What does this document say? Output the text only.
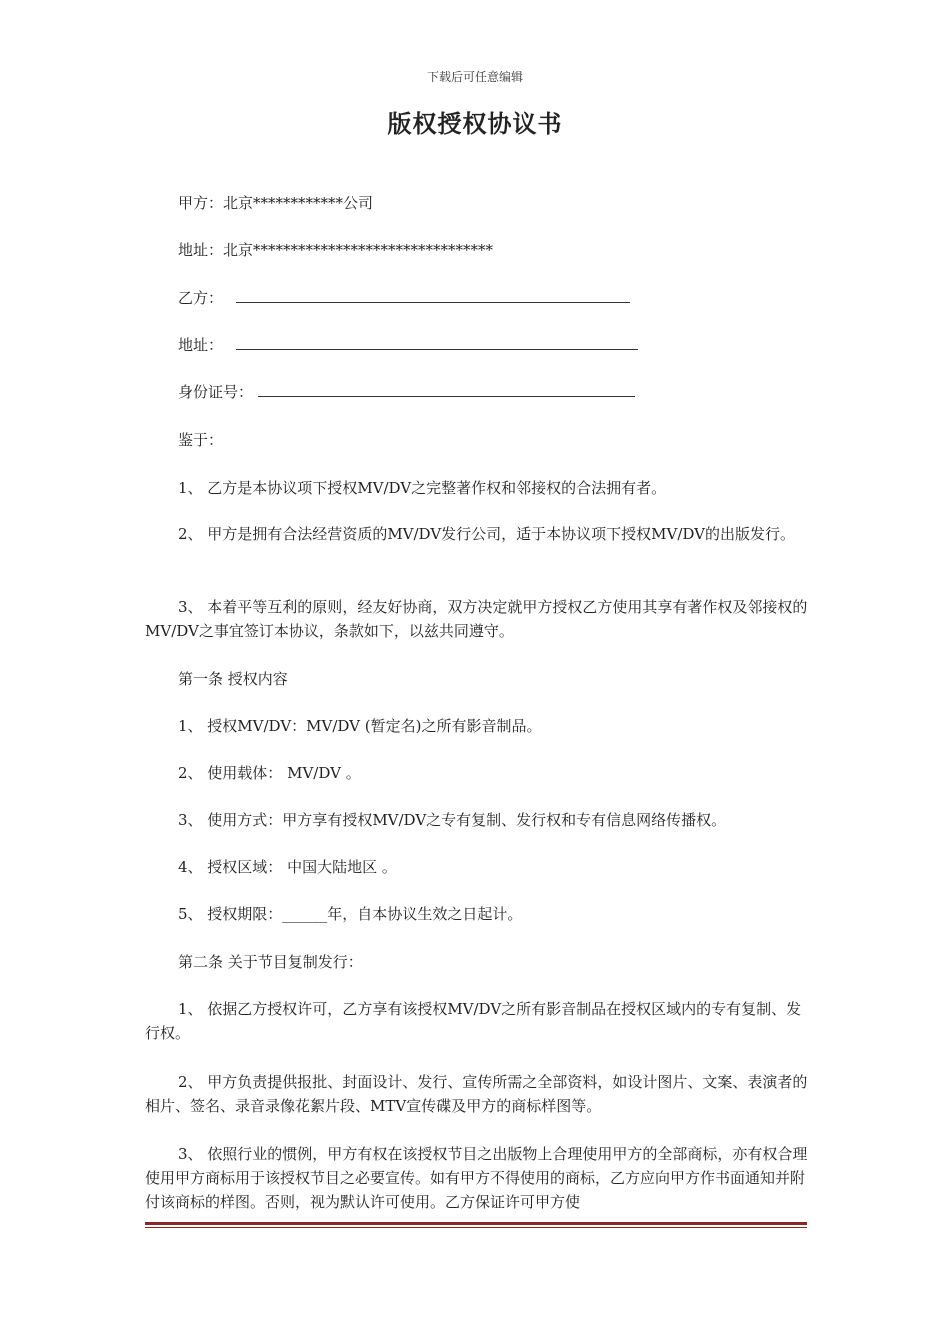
下载后可任意编辑
版权授权协议书
甲方：北京************公司
地址：北京********************************
乙方：
地址：
身份证号：
鉴于：
1、 乙方是本协议项下授权MV/DV之完整著作权和邻接权的合法拥有者。
2、 甲方是拥有合法经营资质的MV/DV发行公司，适于本协议项下授权MV/DV的出版发行。
3、 本着平等互利的原则，经友好协商，双方决定就甲方授权乙方使用其享有著作权及邻接权的MV/DV之事宜签订本协议，条款如下，以兹共同遵守。
第一条 授权内容
1、 授权MV/DV：MV/DV (暂定名)之所有影音制品。
2、 使用载体： MV/DV 。
3、 使用方式：甲方享有授权MV/DV之专有复制、发行权和专有信息网络传播权。
4、 授权区域： 中国大陆地区 。
5、 授权期限：______年，自本协议生效之日起计。
第二条 关于节目复制发行：
1、 依据乙方授权许可，乙方享有该授权MV/DV之所有影音制品在授权区域内的专有复制、发行权。
2、 甲方负责提供报批、封面设计、发行、宣传所需之全部资料，如设计图片、文案、表演者的相片、签名、录音录像花絮片段、MTV宣传碟及甲方的商标样图等。
3、 依照行业的惯例，甲方有权在该授权节目之出版物上合理使用甲方的全部商标，亦有权合理使用甲方商标用于该授权节目之必要宣传。如有甲方不得使用的商标，乙方应向甲方作书面通知并附付该商标的样图。否则，视为默认许可使用。乙方保证许可甲方使
